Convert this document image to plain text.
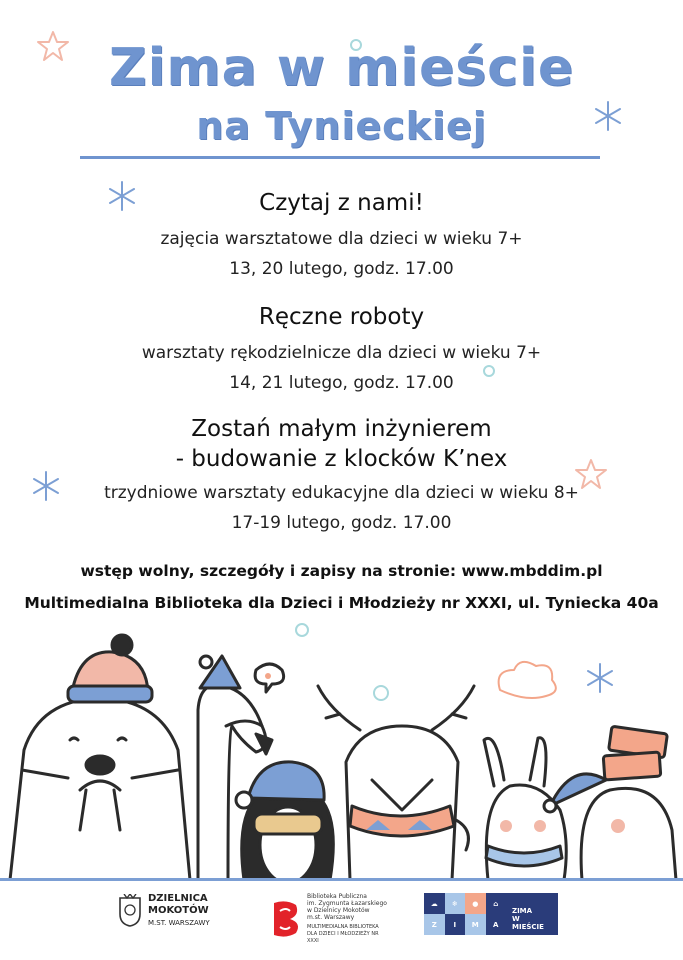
Zima w mieście
na Tynieckiej
Czytaj z nami!
zajęcia warsztatowe dla dzieci w wieku 7+
13, 20 lutego, godz. 17.00
Ręczne roboty
warsztaty rękodzielnicze dla dzieci w wieku 7+
14, 21 lutego, godz. 17.00
Zostań małym inżynierem
- budowanie z klocków K’nex
trzydniowe warsztaty edukacyjne dla dzieci w wieku 8+
17-19 lutego, godz. 17.00
wstęp wolny, szczegóły i zapisy na stronie: www.mbddim.pl
Multimedialna Biblioteka dla Dzieci i Młodzieży nr XXXI, ul. Tyniecka 40a
DZIELNICA
MOKOTÓW
M.ST. WARSZAWY
Biblioteka Publiczna
im. Zygmunta Łazarskiego
w Dzielnicy Mokotów
m.st. Warszawy
MULTIMEDIALNA BIBLIOTEKA
DLA DZIECI I MŁODZIEŻY NR XXXI
☁	❄	●	⌂
Z	I	M	A
ZIMA
W MIEŚCIE
